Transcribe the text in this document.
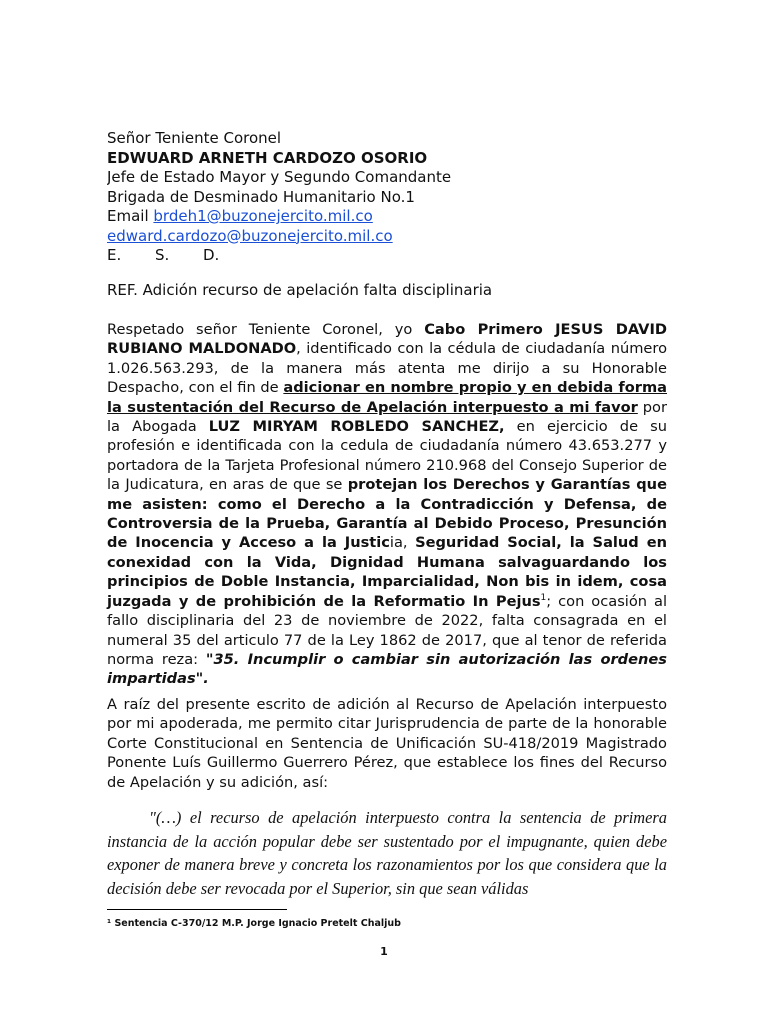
Señor Teniente Coronel
EDWUARD ARNETH CARDOZO OSORIO
Jefe de Estado Mayor y Segundo Comandante
Brigada de Desminado Humanitario No.1
Email brdeh1@buzonejercito.mil.co
edward.cardozo@buzonejercito.mil.co
E. S. D.
REF. Adición recurso de apelación falta disciplinaria
Respetado señor Teniente Coronel, yo Cabo Primero JESUS DAVID RUBIANO MALDONADO, identificado con la cédula de ciudadanía número 1.026.563.293, de la manera más atenta me dirijo a su Honorable Despacho, con el fin de adicionar en nombre propio y en debida forma la sustentación del Recurso de Apelación interpuesto a mi favor por la Abogada LUZ MIRYAM ROBLEDO SANCHEZ, en ejercicio de su profesión e identificada con la cedula de ciudadanía número 43.653.277 y portadora de la Tarjeta Profesional número 210.968 del Consejo Superior de la Judicatura, en aras de que se protejan los Derechos y Garantías que me asisten: como el Derecho a la Contradicción y Defensa, de Controversia de la Prueba, Garantía al Debido Proceso, Presunción de Inocencia y Acceso a la Justicia, Seguridad Social, la Salud en conexidad con la Vida, Dignidad Humana salvaguardando los principios de Doble Instancia, Imparcialidad, Non bis in idem, cosa juzgada y de prohibición de la Reformatio In Pejus$^1$; con ocasión al fallo disciplinaria del 23 de noviembre de 2022, falta consagrada en el numeral 35 del articulo 77 de la Ley 1862 de 2017, que al tenor de referida norma reza: "35. Incumplir o cambiar sin autorización las ordenes impartidas".
A raíz del presente escrito de adición al Recurso de Apelación interpuesto por mi apoderada, me permito citar Jurisprudencia de parte de la honorable Corte Constitucional en Sentencia de Unificación SU-418/2019 Magistrado Ponente Luís Guillermo Guerrero Pérez, que establece los fines del Recurso de Apelación y su adición, así:
"(…) el recurso de apelación interpuesto contra la sentencia de primera instancia de la acción popular debe ser sustentado por el impugnante, quien debe exponer de manera breve y concreta los razonamientos por los que considera que la decisión debe ser revocada por el Superior, sin que sean válidas
¹ Sentencia C-370/12 M.P. Jorge Ignacio Pretelt Chaljub
1
